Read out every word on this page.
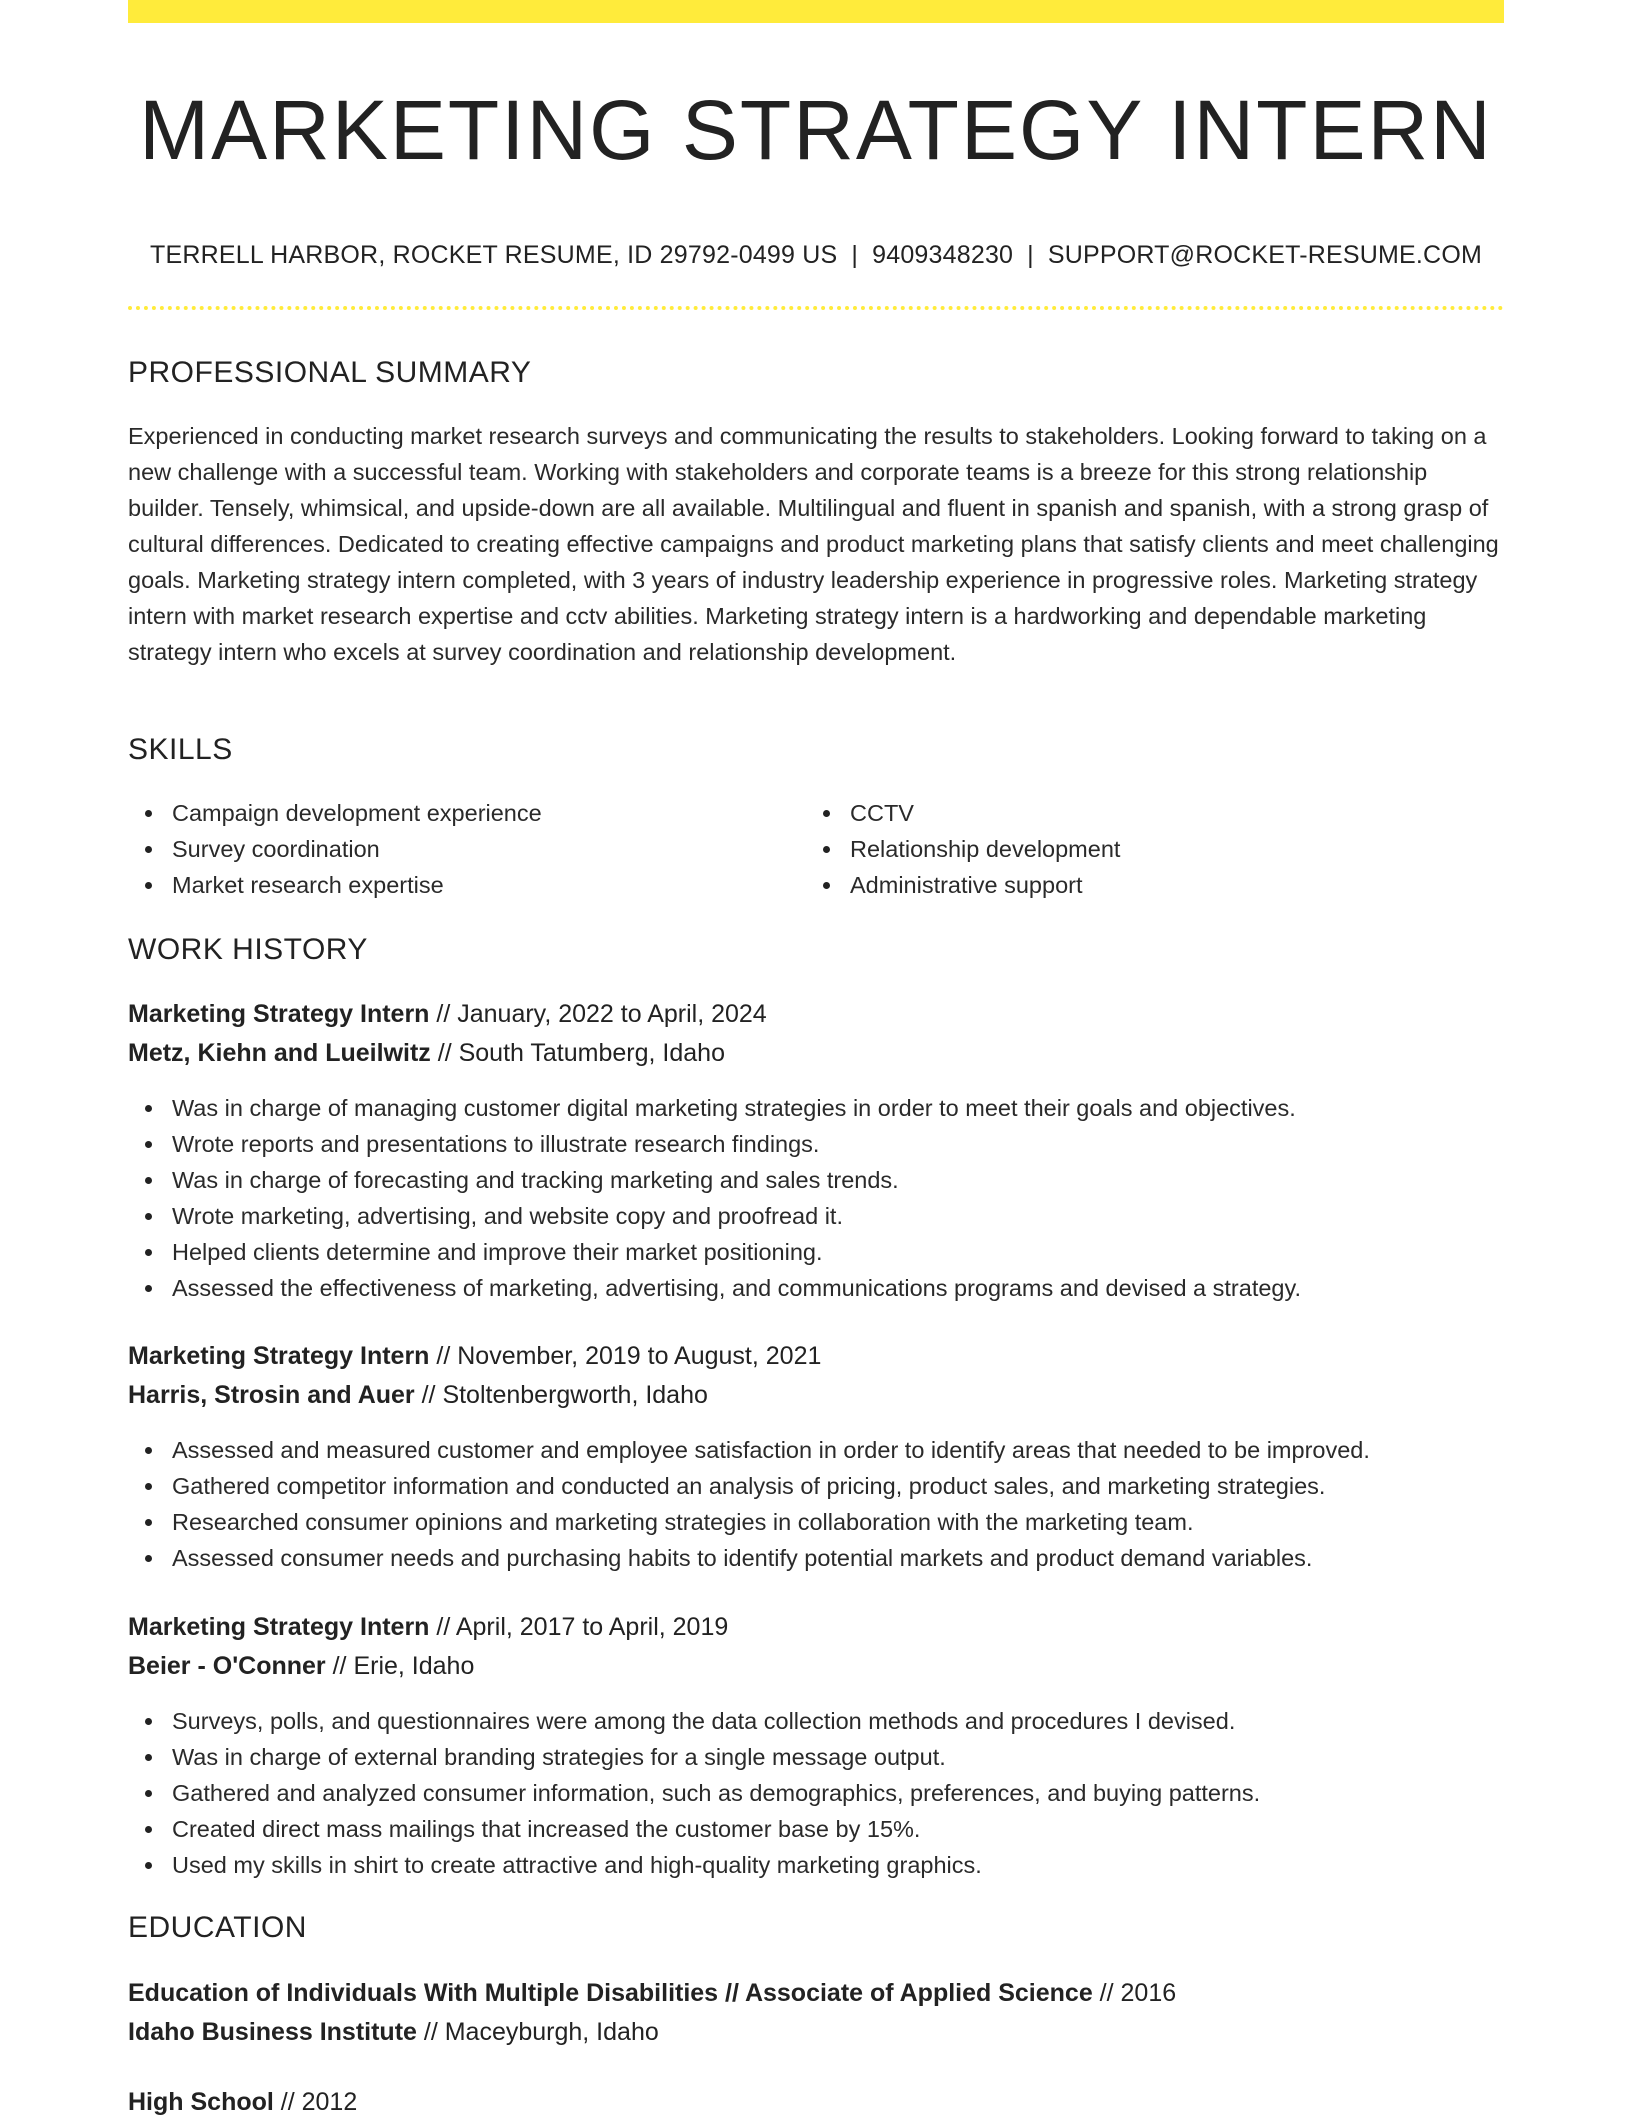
MARKETING STRATEGY INTERN
TERRELL HARBOR, ROCKET RESUME, ID 29792-0499 US | 9409348230 | SUPPORT@ROCKET-RESUME.COM
PROFESSIONAL SUMMARY

Experienced in conducting market research surveys and communicating the results to stakeholders. Looking forward to taking on a new challenge with a successful team. Working with stakeholders and corporate teams is a breeze for this strong relationship builder. Tensely, whimsical, and upside-down are all available. Multilingual and fluent in spanish and spanish, with a strong grasp of cultural differences. Dedicated to creating effective campaigns and product marketing plans that satisfy clients and meet challenging goals. Marketing strategy intern completed, with 3 years of industry leadership experience in progressive roles. Marketing strategy intern with market research expertise and cctv abilities. Marketing strategy intern is a hardworking and dependable marketing strategy intern who excels at survey coordination and relationship development.

SKILLS
Campaign development experience
Survey coordination
Market research expertise
CCTV
Relationship development
Administrative support
WORK HISTORY
Marketing Strategy Intern // January, 2022 to April, 2024
Metz, Kiehn and Lueilwitz // South Tatumberg, Idaho
Was in charge of managing customer digital marketing strategies in order to meet their goals and objectives.
Wrote reports and presentations to illustrate research findings.
Was in charge of forecasting and tracking marketing and sales trends.
Wrote marketing, advertising, and website copy and proofread it.
Helped clients determine and improve their market positioning.
Assessed the effectiveness of marketing, advertising, and communications programs and devised a strategy.
Marketing Strategy Intern // November, 2019 to August, 2021
Harris, Strosin and Auer // Stoltenbergworth, Idaho
Assessed and measured customer and employee satisfaction in order to identify areas that needed to be improved.
Gathered competitor information and conducted an analysis of pricing, product sales, and marketing strategies.
Researched consumer opinions and marketing strategies in collaboration with the marketing team.
Assessed consumer needs and purchasing habits to identify potential markets and product demand variables.
Marketing Strategy Intern // April, 2017 to April, 2019
Beier - O'Conner // Erie, Idaho
Surveys, polls, and questionnaires were among the data collection methods and procedures I devised.
Was in charge of external branding strategies for a single message output.
Gathered and analyzed consumer information, such as demographics, preferences, and buying patterns.
Created direct mass mailings that increased the customer base by 15%.
Used my skills in shirt to create attractive and high-quality marketing graphics.
EDUCATION
Education of Individuals With Multiple Disabilities // Associate of Applied Science // 2016
Idaho Business Institute // Maceyburgh, Idaho
High School // 2012
